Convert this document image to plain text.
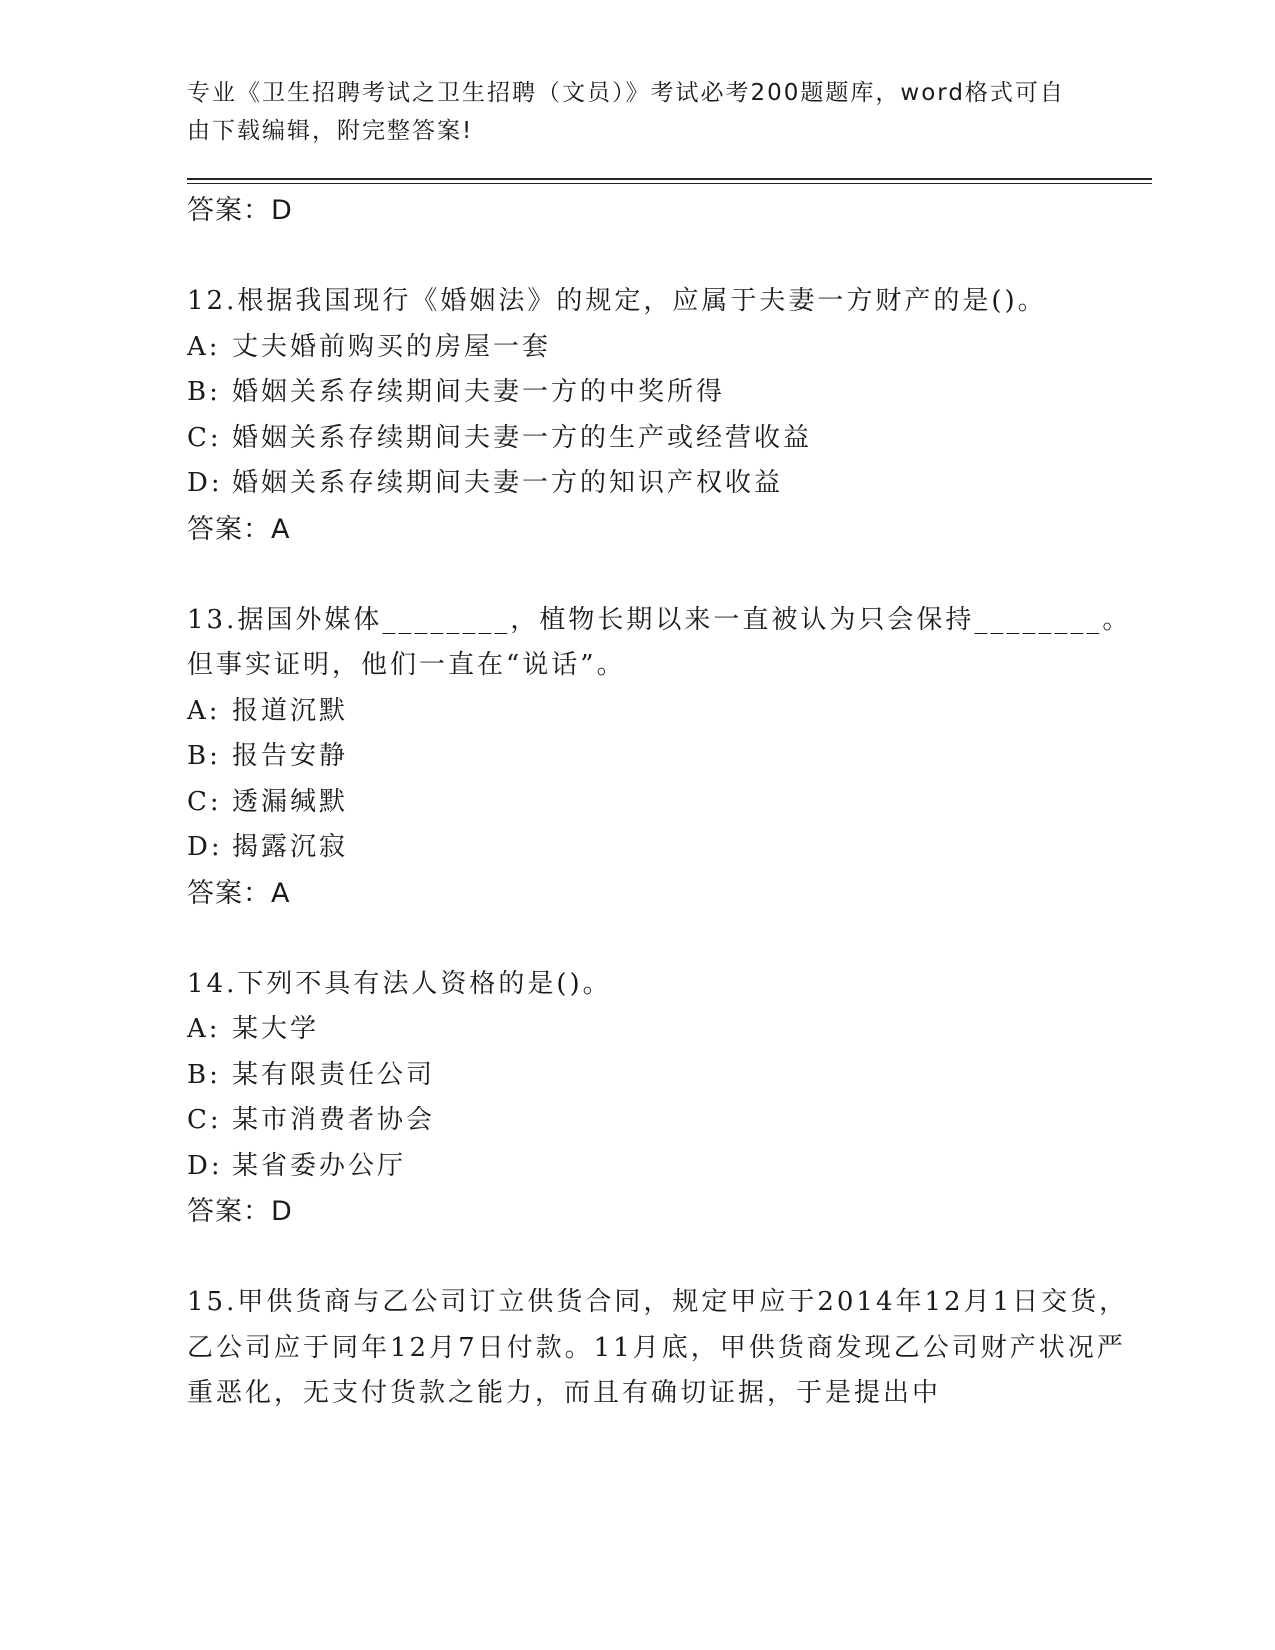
专业《卫生招聘考试之卫生招聘（文员）》考试必考200题题库，word格式可自由下载编辑，附完整答案!
答案：D
12.根据我国现行《婚姻法》的规定，应属于夫妻一方财产的是()。
A: 丈夫婚前购买的房屋一套
B: 婚姻关系存续期间夫妻一方的中奖所得
C: 婚姻关系存续期间夫妻一方的生产或经营收益
D: 婚姻关系存续期间夫妻一方的知识产权收益
答案：A
13.据国外媒体________，植物长期以来一直被认为只会保持________。但事实证明，他们一直在“说话”。
A: 报道沉默
B: 报告安静
C: 透漏缄默
D: 揭露沉寂
答案：A
14.下列不具有法人资格的是()。
A: 某大学
B: 某有限责任公司
C: 某市消费者协会
D: 某省委办公厅
答案：D
15.甲供货商与乙公司订立供货合同，规定甲应于2014年12月1日交货，乙公司应于同年12月7日付款。11月底，甲供货商发现乙公司财产状况严重恶化，无支付货款之能力，而且有确切证据，于是提出中
